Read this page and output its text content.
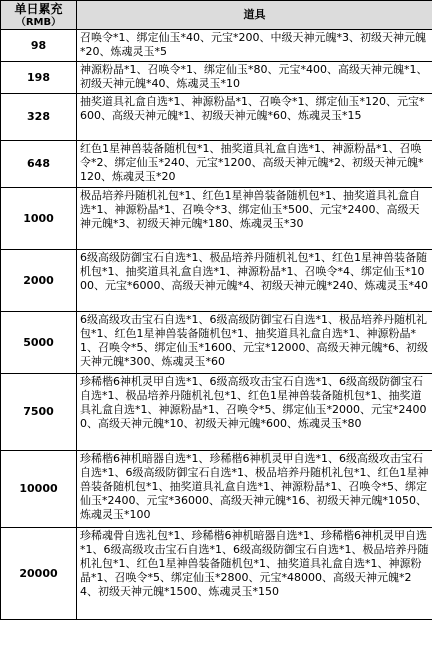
单日累充
（RMB）	道具
98	召唤令*1、绑定仙玉*40、元宝*200、中级天神元魄*3、初级天神元魄*20、炼魂灵玉*5
198	神源粉晶*1、召唤令*1、绑定仙玉*80、元宝*400、高级天神元魄*1、初级天神元魄*40、炼魂灵玉*10
328	抽奖道具礼盒自选*1、神源粉晶*1、召唤令*1、绑定仙玉*120、元宝*600、高级天神元魄*1、初级天神元魄*60、炼魂灵玉*15
648	红色1星神兽装备随机包*1、抽奖道具礼盒自选*1、神源粉晶*1、召唤令*2、绑定仙玉*240、元宝*1200、高级天神元魄*2、初级天神元魄*120、炼魂灵玉*20
1000	极品培养丹随机礼包*1、红色1星神兽装备随机包*1、抽奖道具礼盒自选*1、神源粉晶*1、召唤令*3、绑定仙玉*500、元宝*2400、高级天神元魄*3、初级天神元魄*180、炼魂灵玉*30
2000	6级高级防御宝石自选*1、极品培养丹随机礼包*1、红色1星神兽装备随机包*1、抽奖道具礼盒自选*1、神源粉晶*1、召唤令*4、绑定仙玉*1000、元宝*6000、高级天神元魄*4、初级天神元魄*240、炼魂灵玉*40
5000	6级高级攻击宝石自选*1、6级高级防御宝石自选*1、极品培养丹随机礼包*1、红色1星神兽装备随机包*1、抽奖道具礼盒自选*1、神源粉晶*1、召唤令*5、绑定仙玉*1600、元宝*12000、高级天神元魄*6、初级天神元魄*300、炼魂灵玉*60
7500	珍稀楷6神机灵甲自选*1、6级高级攻击宝石自选*1、6级高级防御宝石自选*1、极品培养丹随机礼包*1、红色1星神兽装备随机包*1、抽奖道具礼盒自选*1、神源粉晶*1、召唤令*5、绑定仙玉*2000、元宝*24000、高级天神元魄*10、初级天神元魄*600、炼魂灵玉*80
10000	珍稀楷6神机暗器自选*1、珍稀楷6神机灵甲自选*1、6级高级攻击宝石自选*1、6级高级防御宝石自选*1、极品培养丹随机礼包*1、红色1星神兽装备随机包*1、抽奖道具礼盒自选*1、神源粉晶*1、召唤令*5、绑定仙玉*2400、元宝*36000、高级天神元魄*16、初级天神元魄*1050、炼魂灵玉*100
20000	珍稀魂骨自选礼包*1、珍稀楷6神机暗器自选*1、珍稀楷6神机灵甲自选*1、6级高级攻击宝石自选*1、6级高级防御宝石自选*1、极品培养丹随机礼包*1、红色1星神兽装备随机包*1、抽奖道具礼盒自选*1、神源粉晶*1、召唤令*5、绑定仙玉*2800、元宝*48000、高级天神元魄*24、初级天神元魄*1500、炼魂灵玉*150
